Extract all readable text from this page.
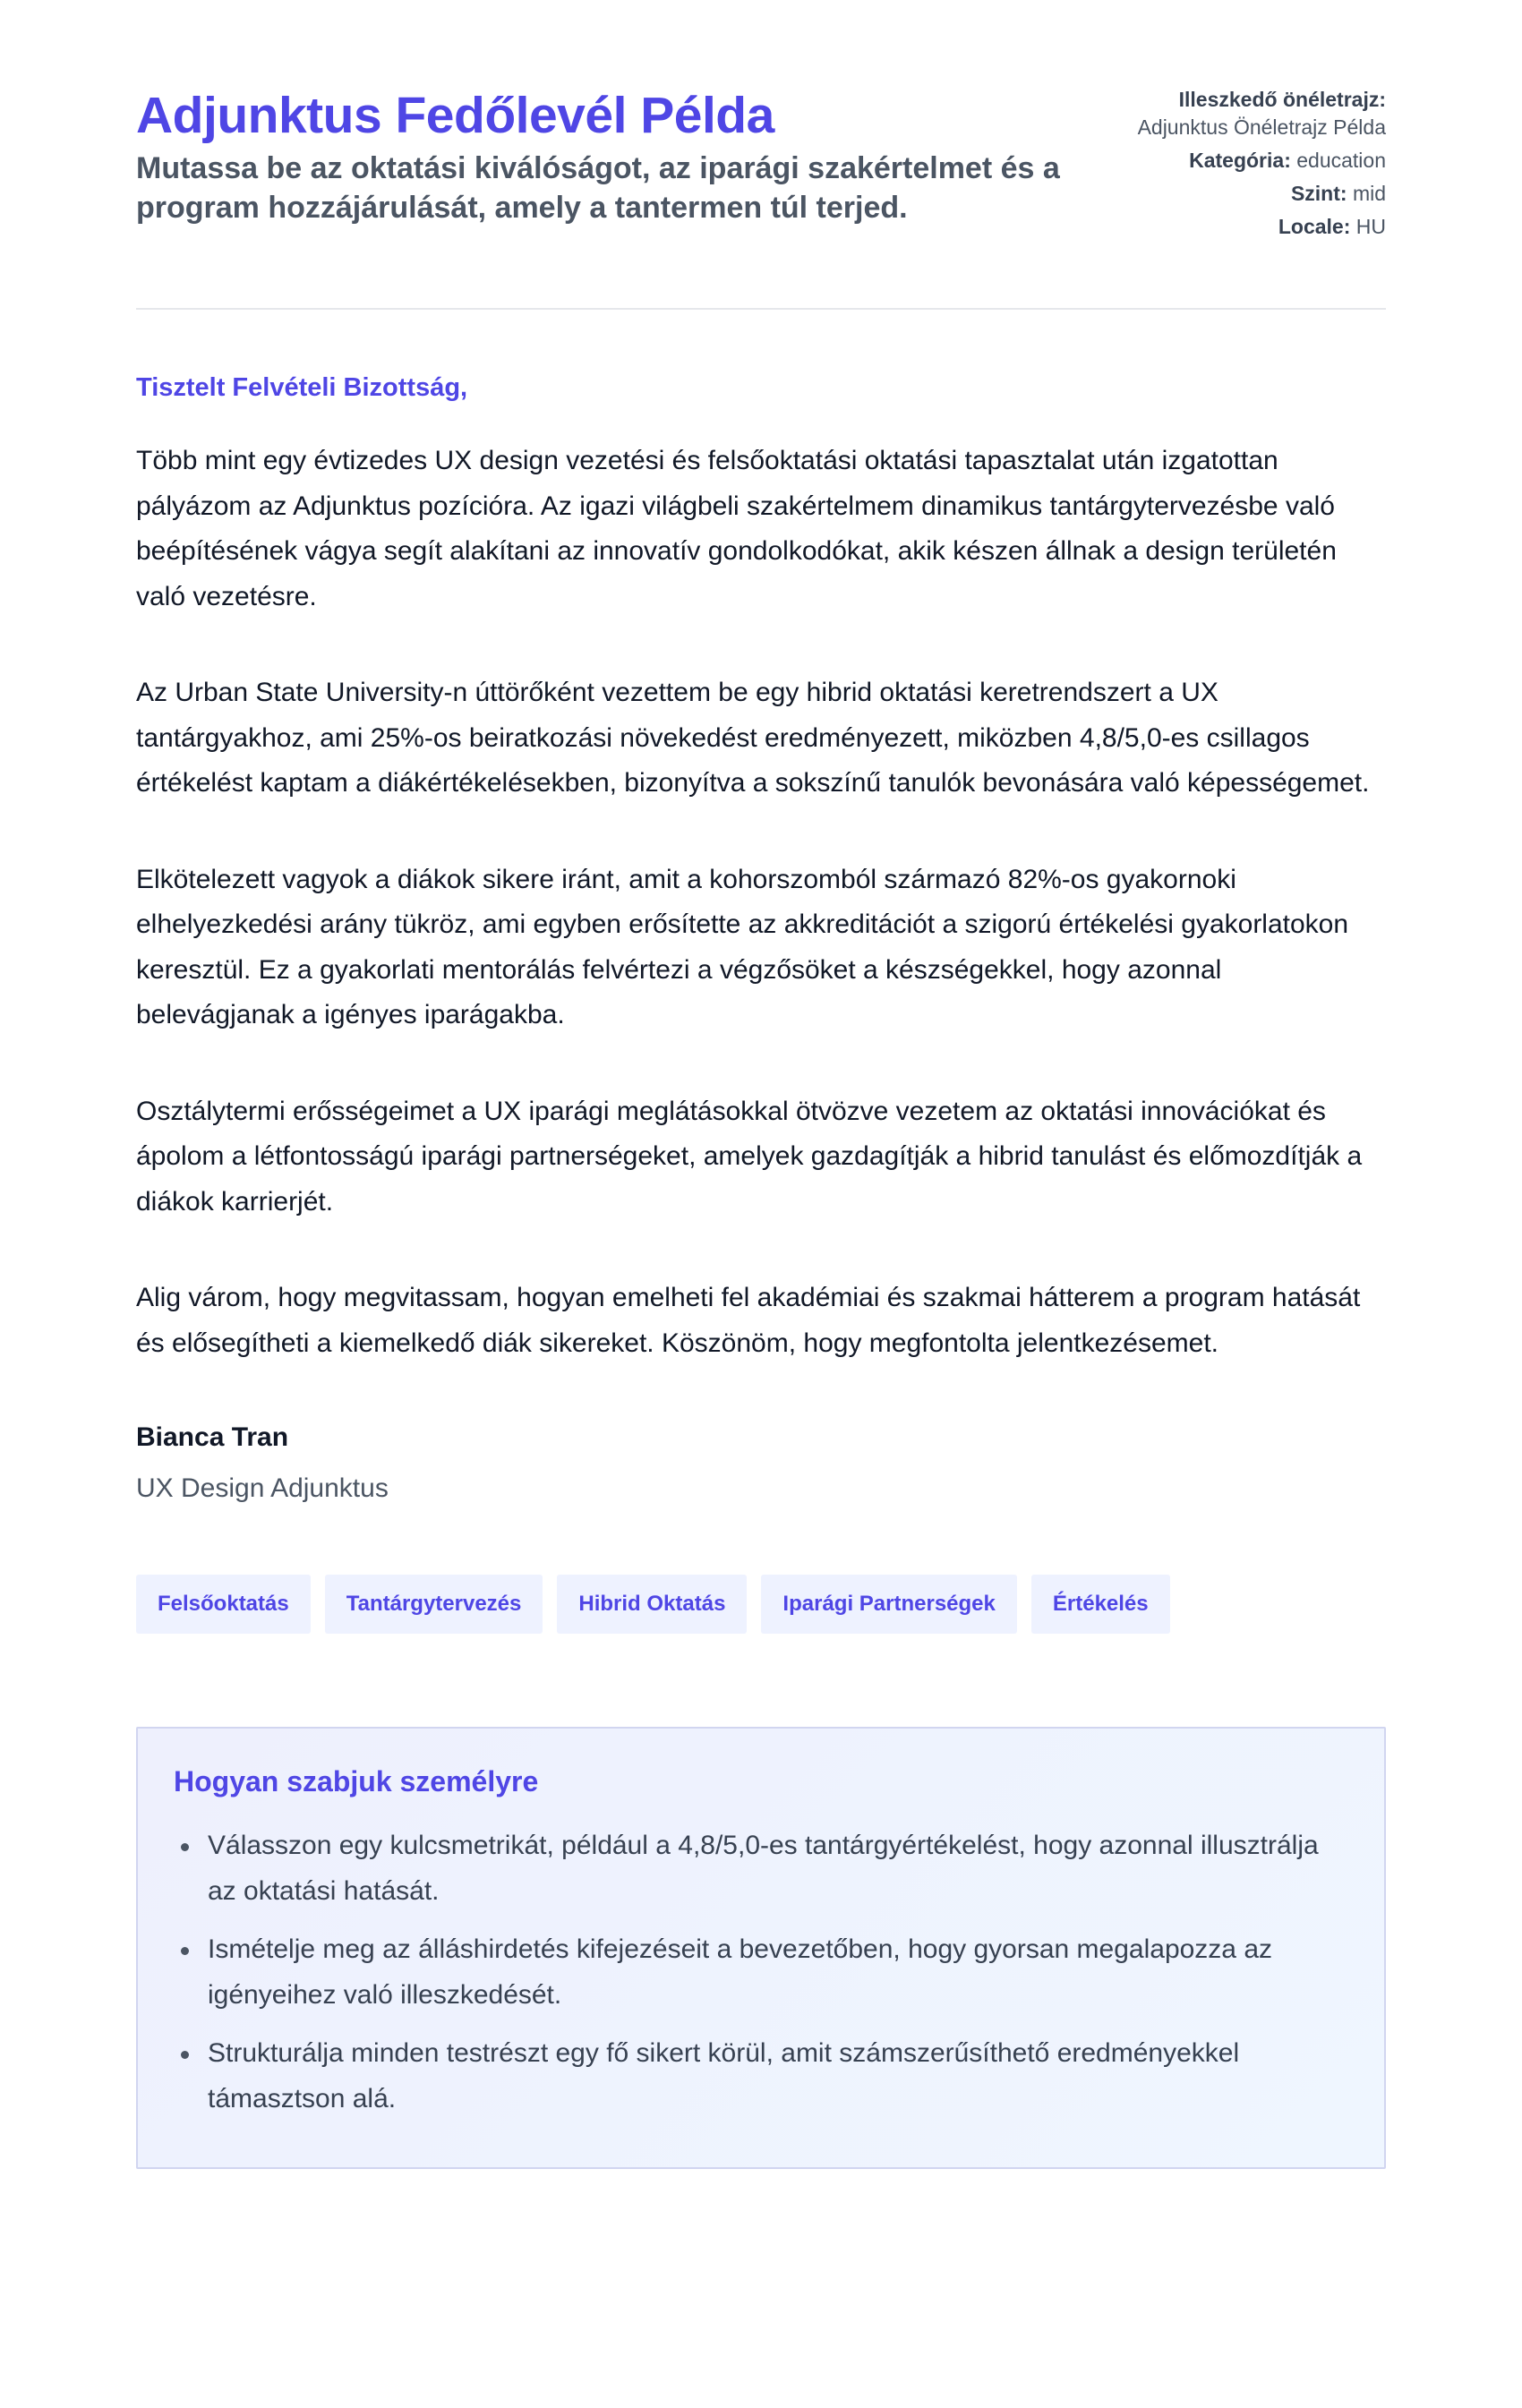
Adjunktus Fedőlevél Példa
Mutassa be az oktatási kiválóságot, az iparági szakértelmet és a program hozzájárulását, amely a tantermen túl terjed.
Illeszkedő önéletrajz:
Adjunktus Önéletrajz Példa
Kategória: education
Szint: mid
Locale: HU
Tisztelt Felvételi Bizottság,

Több mint egy évtizedes UX design vezetési és felsőoktatási oktatási tapasztalat után izgatottan pályázom az Adjunktus pozícióra. Az igazi világbeli szakértelmem dinamikus tantárgytervezésbe való beépítésének vágya segít alakítani az innovatív gondolkodókat, akik készen állnak a design területén való vezetésre.

Az Urban State University-n úttörőként vezettem be egy hibrid oktatási keretrendszert a UX tantárgyakhoz, ami 25%-os beiratkozási növekedést eredményezett, miközben 4,8/5,0-es csillagos értékelést kaptam a diákértékelésekben, bizonyítva a sokszínű tanulók bevonására való képességemet.

Elkötelezett vagyok a diákok sikere iránt, amit a kohorszomból származó 82%-os gyakornoki elhelyezkedési arány tükröz, ami egyben erősítette az akkreditációt a szigorú értékelési gyakorlatokon keresztül. Ez a gyakorlati mentorálás felvértezi a végzősöket a készségekkel, hogy azonnal belevágjanak a igényes iparágakba.

Osztálytermi erősségeimet a UX iparági meglátásokkal ötvözve vezetem az oktatási innovációkat és ápolom a létfontosságú iparági partnerségeket, amelyek gazdagítják a hibrid tanulást és előmozdítják a diákok karrierjét.

Alig várom, hogy megvitassam, hogyan emelheti fel akadémiai és szakmai hátterem a program hatását és elősegítheti a kiemelkedő diák sikereket. Köszönöm, hogy megfontolta jelentkezésemet.

Bianca Tran
UX Design Adjunktus
Felsőoktatás	Tantárgytervezés	Hibrid Oktatás	Iparági Partnerségek	Értékelés
Hogyan szabjuk személyre
Válasszon egy kulcsmetrikát, például a 4,8/5,0-es tantárgyértékelést, hogy azonnal illusztrálja az oktatási hatását.
Ismételje meg az álláshirdetés kifejezéseit a bevezetőben, hogy gyorsan megalapozza az igényeihez való illeszkedését.
Strukturálja minden testrészt egy fő sikert körül, amit számszerűsíthető eredményekkel támasztson alá.
